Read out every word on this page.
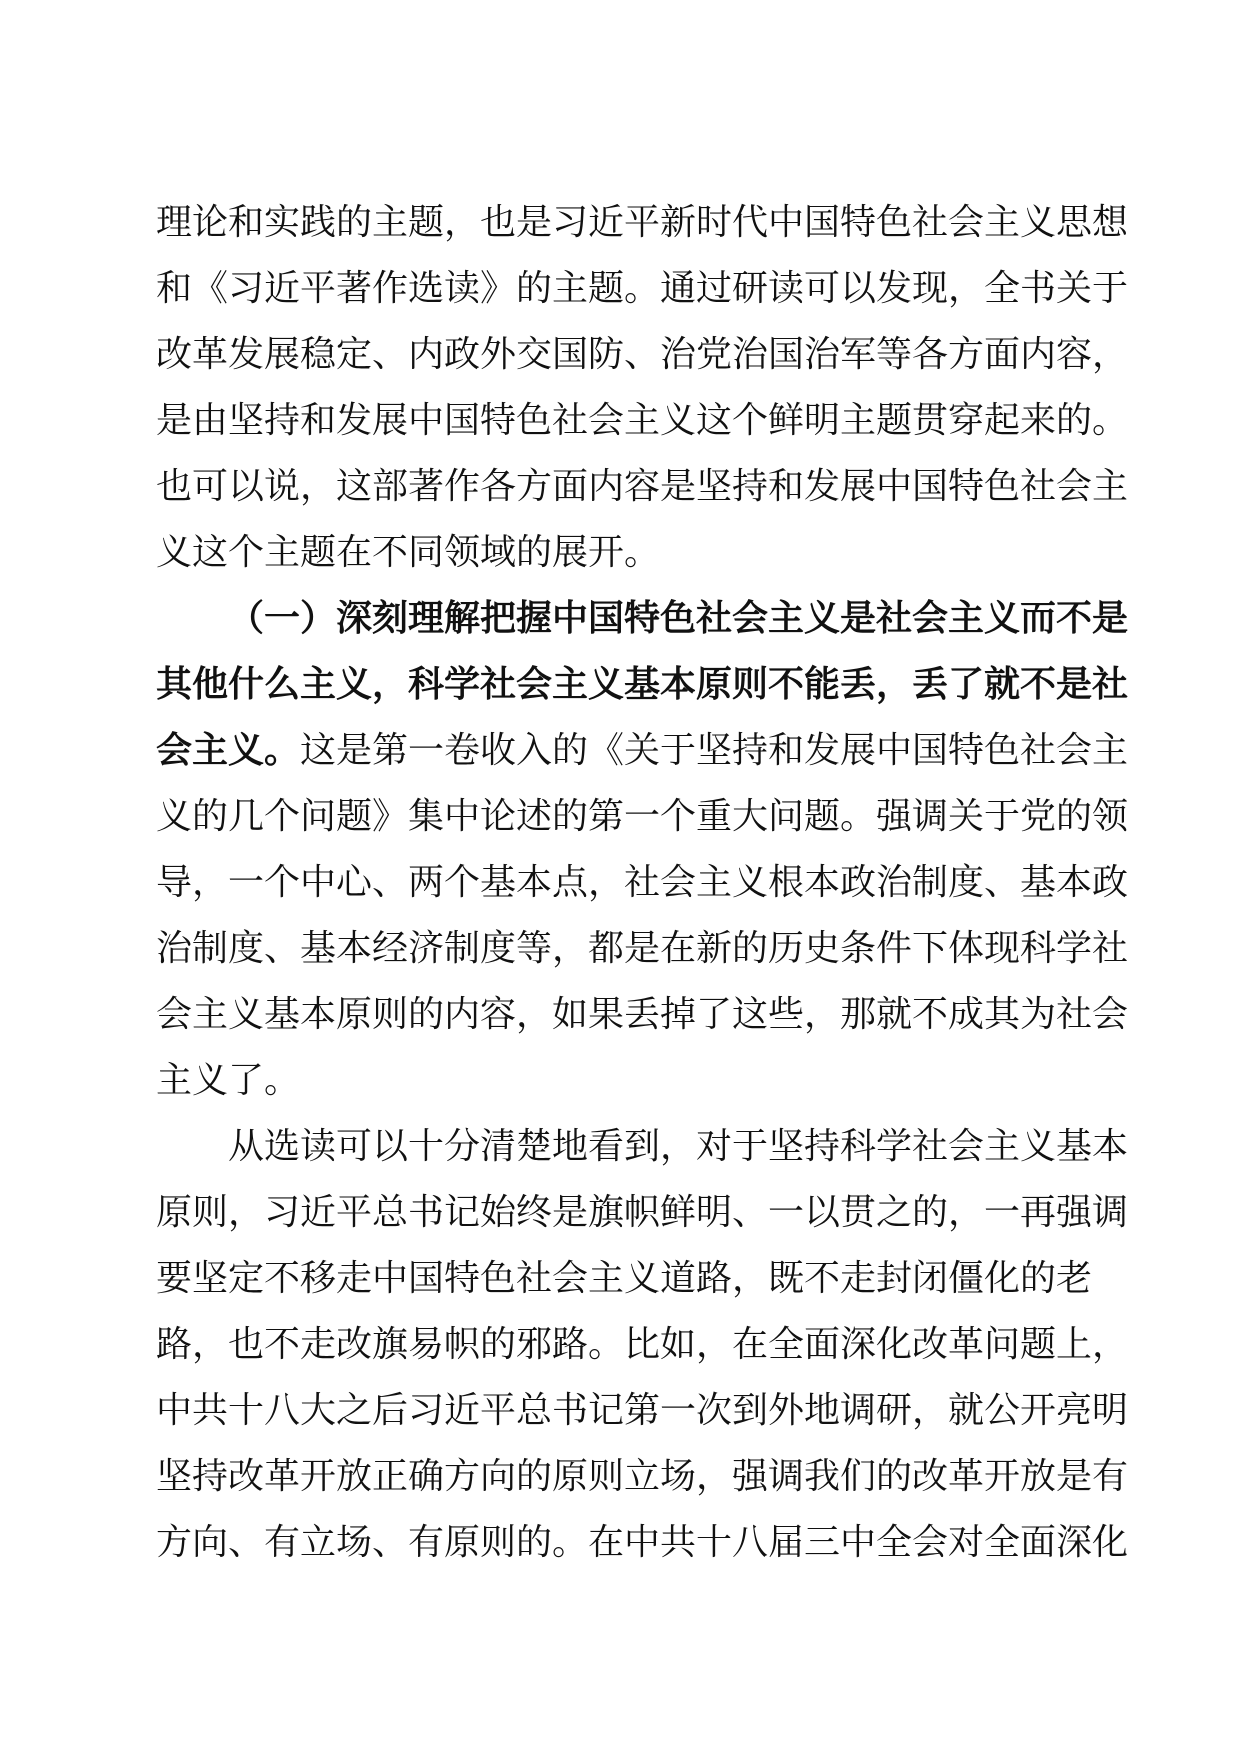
理论和实践的主题，也是习近平新时代中国特色社会主义思想
和《习近平著作选读》的主题。通过研读可以发现，全书关于
改革发展稳定、内政外交国防、治党治国治军等各方面内容，
是由坚持和发展中国特色社会主义这个鲜明主题贯穿起来的。
也可以说，这部著作各方面内容是坚持和发展中国特色社会主
义这个主题在不同领域的展开。
（一）深刻理解把握中国特色社会主义是社会主义而不是
其他什么主义，科学社会主义基本原则不能丢，丢了就不是社
会主义。这是第一卷收入的《关于坚持和发展中国特色社会主
义的几个问题》集中论述的第一个重大问题。强调关于党的领
导，一个中心、两个基本点，社会主义根本政治制度、基本政
治制度、基本经济制度等，都是在新的历史条件下体现科学社
会主义基本原则的内容，如果丢掉了这些，那就不成其为社会
主义了。
从选读可以十分清楚地看到，对于坚持科学社会主义基本
原则，习近平总书记始终是旗帜鲜明、一以贯之的，一再强调
要坚定不移走中国特色社会主义道路，既不走封闭僵化的老
路，也不走改旗易帜的邪路。比如，在全面深化改革问题上，
中共十八大之后习近平总书记第一次到外地调研，就公开亮明
坚持改革开放正确方向的原则立场，强调我们的改革开放是有
方向、有立场、有原则的。在中共十八届三中全会对全面深化
